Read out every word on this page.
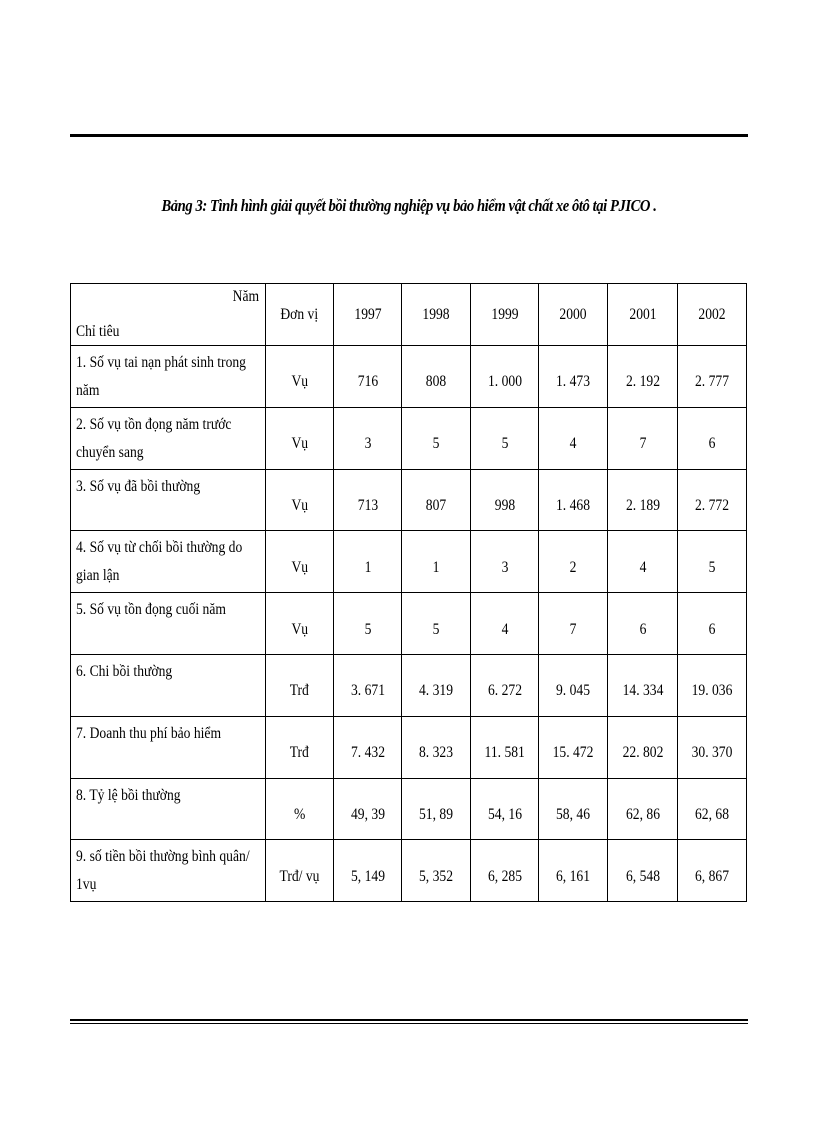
Bảng 3: Tình hình giải quyết bồi thường nghiệp vụ bảo hiểm vật chất xe ôtô tại PJICO .
Năm
Chỉ tiêu	Đơn vị	1997	1998	1999	2000	2001	2002
1. Số vụ tai nạn phát sinh trong năm	Vụ	716	808	1. 000	1. 473	2. 192	2. 777
2. Số vụ tồn đọng năm trước chuyển sang	Vụ	3	5	5	4	7	6
3. Số vụ đã bồi thường	Vụ	713	807	998	1. 468	2. 189	2. 772
4. Số vụ từ chối bồi thường do gian lận	Vụ	1	1	3	2	4	5
5. Số vụ tồn đọng cuối năm	Vụ	5	5	4	7	6	6
6. Chi bồi thường	Trđ	3. 671	4. 319	6. 272	9. 045	14. 334	19. 036
7. Doanh thu phí bảo hiểm	Trđ	7. 432	8. 323	11. 581	15. 472	22. 802	30. 370
8. Tỷ lệ bồi thường	%	49, 39	51, 89	54, 16	58, 46	62, 86	62, 68
9. số tiền bồi thường bình quân/ 1vụ	Trđ/ vụ	5, 149	5, 352	6, 285	6, 161	6, 548	6, 867
